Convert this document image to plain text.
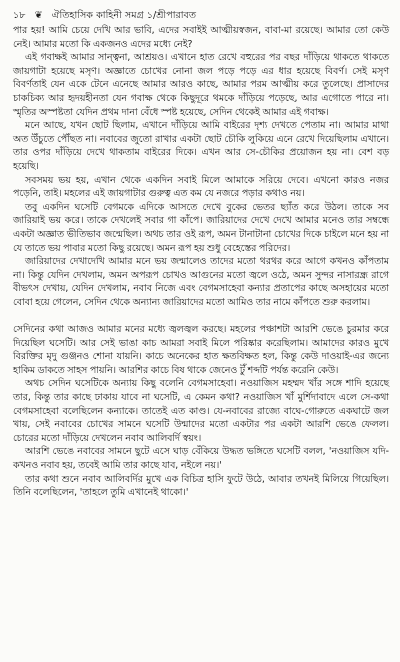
১৮ ❦ ঐতিহাসিক কাহিনী সমগ্র ১/শ্রীপারাবত

পার হয়! আমি চেয়ে দেখি আর ভাবি, এদের সবাইই আত্মীয়স্বজন, বাবা-মা রয়েছে। আমার তো কেউ নেই। আমার মতো কি একজনও এদের মধ্যে নেই?

এই গবাক্ষই আমার সান্ত্বনা, আশ্রয়ও। এখানে হাত রেখে বহুরের পর বছর দাঁড়িয়ে থাকতে থাকতে জায়গাটা হয়েছে মসৃণ। অজ্ঞাতে চোখের নোনা জল পড়ে পড়ে এর ধার হয়েছে বিবর্ণ। সেই মসৃণ বিবর্ণতাই যেন একে টেনে এনেছে আমার আরও কাছে, আমার পরম আত্মীয় করে তুলেছে। প্রাসাদের চাকচিক্য আর হৃদয়হীনতা যেন গবাক্ষ থেকে কিছুদূরে থমকে দাঁড়িয়ে পড়েছে, আর এগোতে পারে না। স্মৃতির অস্পষ্টতা যেদিন প্রথম দানা বেঁধে স্পষ্ট হয়েছে, সেদিন থেকেই আমার এই গবাক্ষ।

মনে আছে, যখন ছোট ছিলাম, এখানে দাঁড়িয়ে আমি বাইরের দৃশ্য দেখতে পেতাম না। আমার মাথা অত উঁচুতে পৌঁছত না। নবাবের জুতো রাখার একটা ছোট চৌকি লুকিয়ে এনে রেখে দিয়েছিলাম এখানে। তার ওপর দাঁড়িয়ে দেখে থাকতাম বাইরের দিকে। এখন আর সে-চৌকির প্রয়োজন হয় না। বেশ বড় হয়েছি।

সবসময় ভয় হয়, এখান থেকে একদিন সবাই মিলে আমাকে সরিয়ে দেবে। এখনো কারও নজর পড়েনি, তাই। মহলের এই জায়গাটার গুরুত্ব এত কম যে নজরে পড়ার কথাও নয়।

তবু একদিন ঘসেটি বেগমকে এদিকে আসতে দেখে বুকের ভেতর ছ্যাঁত করে উঠল। তাকে সব জারিয়াই ভয় করে। তাকে দেখলেই সবার গা কাঁপে। জারিয়াদের দেখে দেখে আমার মনেও তার সম্বন্ধে একটা অজ্ঞাত ভীতিভাব জন্মেছিল। অথচ তার ওই রূপ, অমন টানাটানা চোখের দিকে চাইলে মনে হয় না যে তাতে ভয় পাবার মতো কিছু রয়েছে। অমন রূপ হয় শুধু বেহেস্তের পরিদের।

জারিয়াদের দেখাদেখি আমার মনে ভয় জন্মালেও তাদের মতো থরথর করে আগে কখনও কাঁপতাম না। কিন্তু যেদিন দেখলাম, অমন অপরূপ চোখও আগুনের মতো জ্বলে ওঠে, অমন সুন্দর নাসারন্ধ্র রাগে বীভৎস দেখায়, যেদিন দেখলাম, নবাব নিজে এবং বেগমসাহেবা কন্যার প্রতাপের কাছে অসহায়ের মতো বোবা হয়ে গেলেন, সেদিন থেকে অন্যান্য জারিয়াদের মতো আমিও তার নামে কাঁপতে শুরু করলাম।

সেদিনের কথা আজও আমার মনের মধ্যে জ্বলজ্বল করছে। মহলের পঞ্চাশটা আরশি ভেঙে চুরমার করে দিয়েছিল ঘসেটি। আর সেই ভাঙা কাচ আমরা সবাই মিলে পরিষ্কার করেছিলাম। আমাদের কারও মুখে বিরক্তির মৃদু গুঞ্জনও শোনা যায়নি। কাচে অনেকের হাত ক্ষতবিক্ষত হল, কিন্তু কেউ দাওয়াই-এর জন্যে হাকিম ডাকতে সাহস পায়নি। আরশির কাচে বিষ থাকে জেনেও টুঁ শব্দটি পর্যন্ত করেনি কেউ।

অথচ সেদিন ঘসেটিকে অন্যায় কিছু বলেনি বেগমসাহেবা। নওয়াজিস মহম্মদ খাঁর সঙ্গে শাদি হয়েছে তার, কিন্তু তার কাছে ঢাকায় যাবে না ঘসেটি, এ কেমন কথা? নওয়াজিস খাঁ মুর্শিদাবাদে এলে সে-কথা বেগমসাহেবা বলেছিলেন কন্যাকে। তাতেই এত কাণ্ড। যে-নবাবের রাজ্যে বাঘে-গোরুতে একঘাটে জল খায়, সেই নবাবের চোখের সামনে ঘসেটি উন্মাদের মতো একটার পর একটা আরশি ভেঙে ফেলল। চোরের মতো দাঁড়িয়ে দেখলেন নবাব আলিবর্দি স্বয়ং।

আরশি ভেঙে নবাবের সামনে ছুটে এসে ঘাড় বেঁকিয়ে উদ্ধত ভঙ্গিতে ঘসেটি বলল, 'নওয়াজিস যদি-কখনও নবাব হয়, তবেই আমি তার কাছে যাব, নইলে নয়।'

তার কথা শুনে নবাব আলিবর্দির মুখে এক বিচিত্র হাসি ফুটে উঠে, আবার তখনই মিলিয়ে গিয়েছিল। তিনি বলেছিলেন, 'তাহলে তুমি এখানেই থাকো।'
